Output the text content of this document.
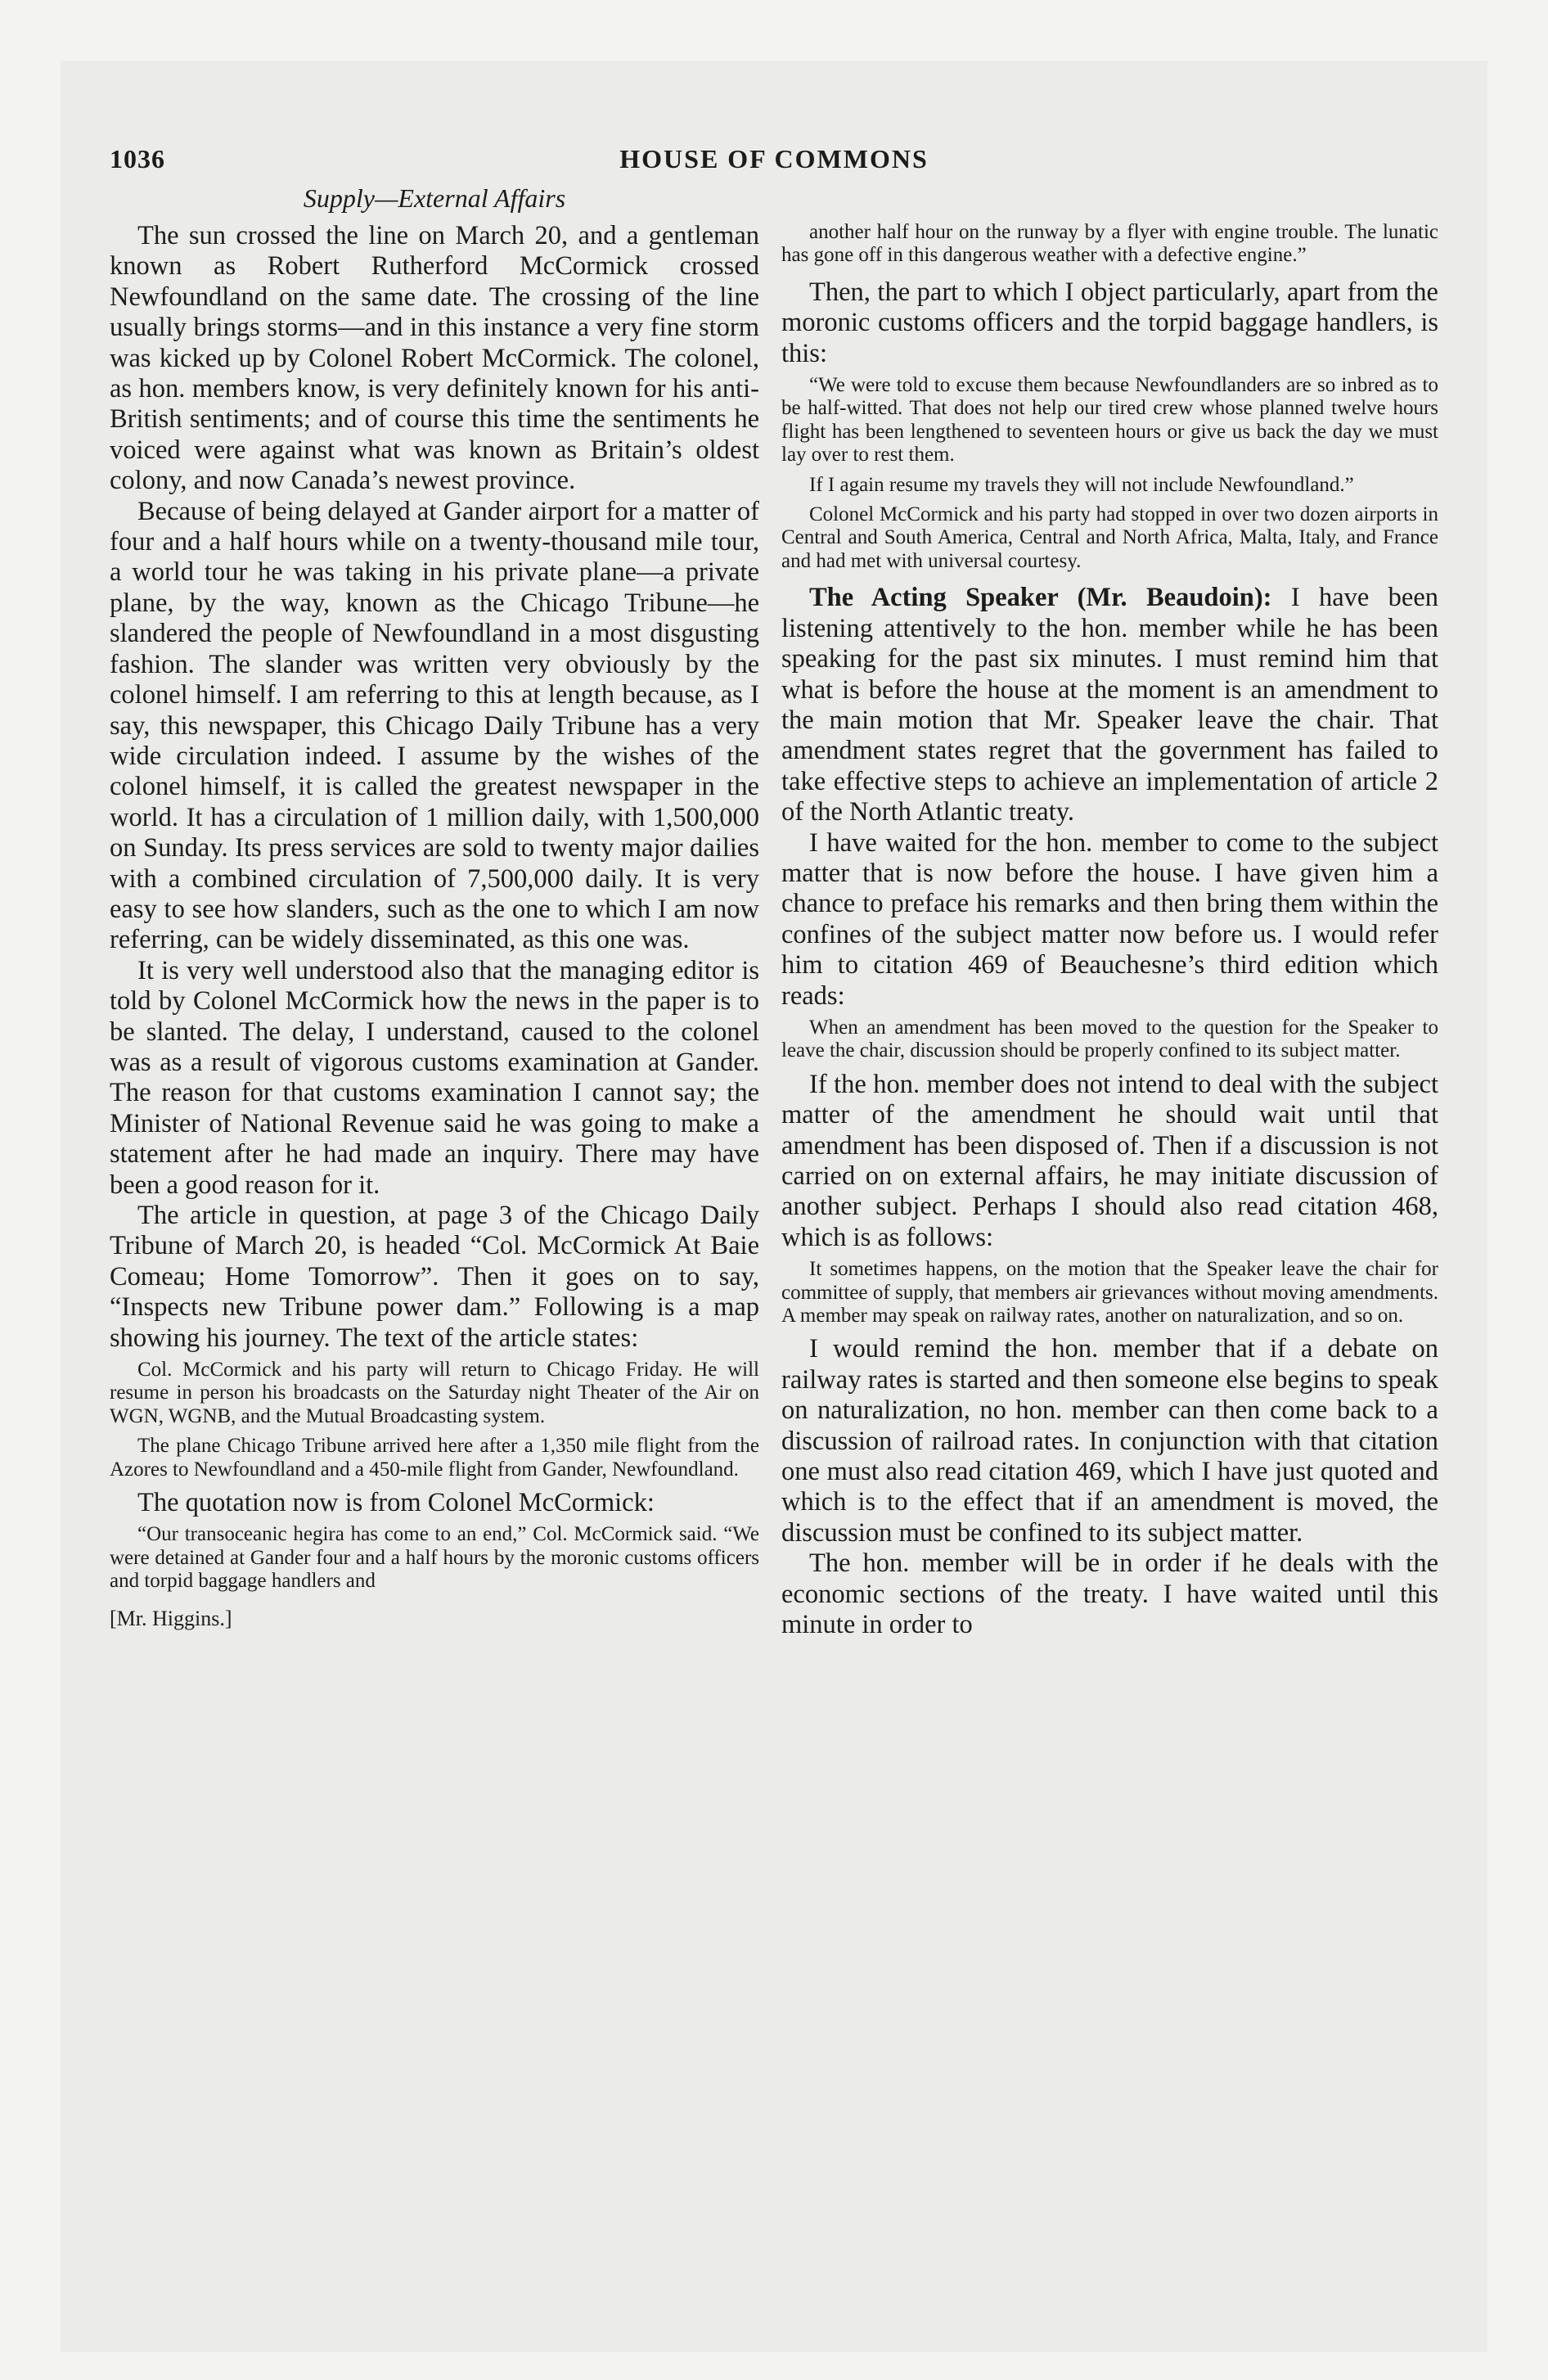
1036	HOUSE OF COMMONS
Supply—External Affairs

The sun crossed the line on March 20, and a gentleman known as Robert Rutherford McCormick crossed Newfoundland on the same date. The crossing of the line usually brings storms—and in this instance a very fine storm was kicked up by Colonel Robert McCormick. The colonel, as hon. members know, is very definitely known for his anti-British sentiments; and of course this time the sentiments he voiced were against what was known as Britain’s oldest colony, and now Canada’s newest province.

Because of being delayed at Gander airport for a matter of four and a half hours while on a twenty-thousand mile tour, a world tour he was taking in his private plane—a private plane, by the way, known as the Chicago Tribune—he slandered the people of Newfoundland in a most disgusting fashion. The slander was written very obviously by the colonel himself. I am referring to this at length because, as I say, this newspaper, this Chicago Daily Tribune has a very wide circulation indeed. I assume by the wishes of the colonel himself, it is called the greatest newspaper in the world. It has a circulation of 1 million daily, with 1,500,000 on Sunday. Its press services are sold to twenty major dailies with a combined circulation of 7,500,000 daily. It is very easy to see how slanders, such as the one to which I am now referring, can be widely disseminated, as this one was.

It is very well understood also that the managing editor is told by Colonel McCormick how the news in the paper is to be slanted. The delay, I understand, caused to the colonel was as a result of vigorous customs examination at Gander. The reason for that customs examination I cannot say; the Minister of National Revenue said he was going to make a statement after he had made an inquiry. There may have been a good reason for it.

The article in question, at page 3 of the Chicago Daily Tribune of March 20, is headed “Col. McCormick At Baie Comeau; Home Tomorrow”. Then it goes on to say, “Inspects new Tribune power dam.” Following is a map showing his journey. The text of the article states:

Col. McCormick and his party will return to Chicago Friday. He will resume in person his broadcasts on the Saturday night Theater of the Air on WGN, WGNB, and the Mutual Broadcasting system.

The plane Chicago Tribune arrived here after a 1,350 mile flight from the Azores to Newfoundland and a 450-mile flight from Gander, Newfoundland.

The quotation now is from Colonel McCormick:

“Our transoceanic hegira has come to an end,” Col. McCormick said. “We were detained at Gander four and a half hours by the moronic customs officers and torpid baggage handlers and

[Mr. Higgins.]

another half hour on the runway by a flyer with engine trouble. The lunatic has gone off in this dangerous weather with a defective engine.”

Then, the part to which I object particularly, apart from the moronic customs officers and the torpid baggage handlers, is this:

“We were told to excuse them because Newfoundlanders are so inbred as to be half-witted. That does not help our tired crew whose planned twelve hours flight has been lengthened to seventeen hours or give us back the day we must lay over to rest them.

If I again resume my travels they will not include Newfoundland.”

Colonel McCormick and his party had stopped in over two dozen airports in Central and South America, Central and North Africa, Malta, Italy, and France and had met with universal courtesy.

The Acting Speaker (Mr. Beaudoin): I have been listening attentively to the hon. member while he has been speaking for the past six minutes. I must remind him that what is before the house at the moment is an amendment to the main motion that Mr. Speaker leave the chair. That amendment states regret that the government has failed to take effective steps to achieve an implementation of article 2 of the North Atlantic treaty.

I have waited for the hon. member to come to the subject matter that is now before the house. I have given him a chance to preface his remarks and then bring them within the confines of the subject matter now before us. I would refer him to citation 469 of Beauchesne’s third edition which reads:

When an amendment has been moved to the question for the Speaker to leave the chair, discussion should be properly confined to its subject matter.

If the hon. member does not intend to deal with the subject matter of the amendment he should wait until that amendment has been disposed of. Then if a discussion is not carried on on external affairs, he may initiate discussion of another subject. Perhaps I should also read citation 468, which is as follows:

It sometimes happens, on the motion that the Speaker leave the chair for committee of supply, that members air grievances without moving amendments. A member may speak on railway rates, another on naturalization, and so on.

I would remind the hon. member that if a debate on railway rates is started and then someone else begins to speak on naturalization, no hon. member can then come back to a discussion of railroad rates. In conjunction with that citation one must also read citation 469, which I have just quoted and which is to the effect that if an amendment is moved, the discussion must be confined to its subject matter.

The hon. member will be in order if he deals with the economic sections of the treaty. I have waited until this minute in order to
